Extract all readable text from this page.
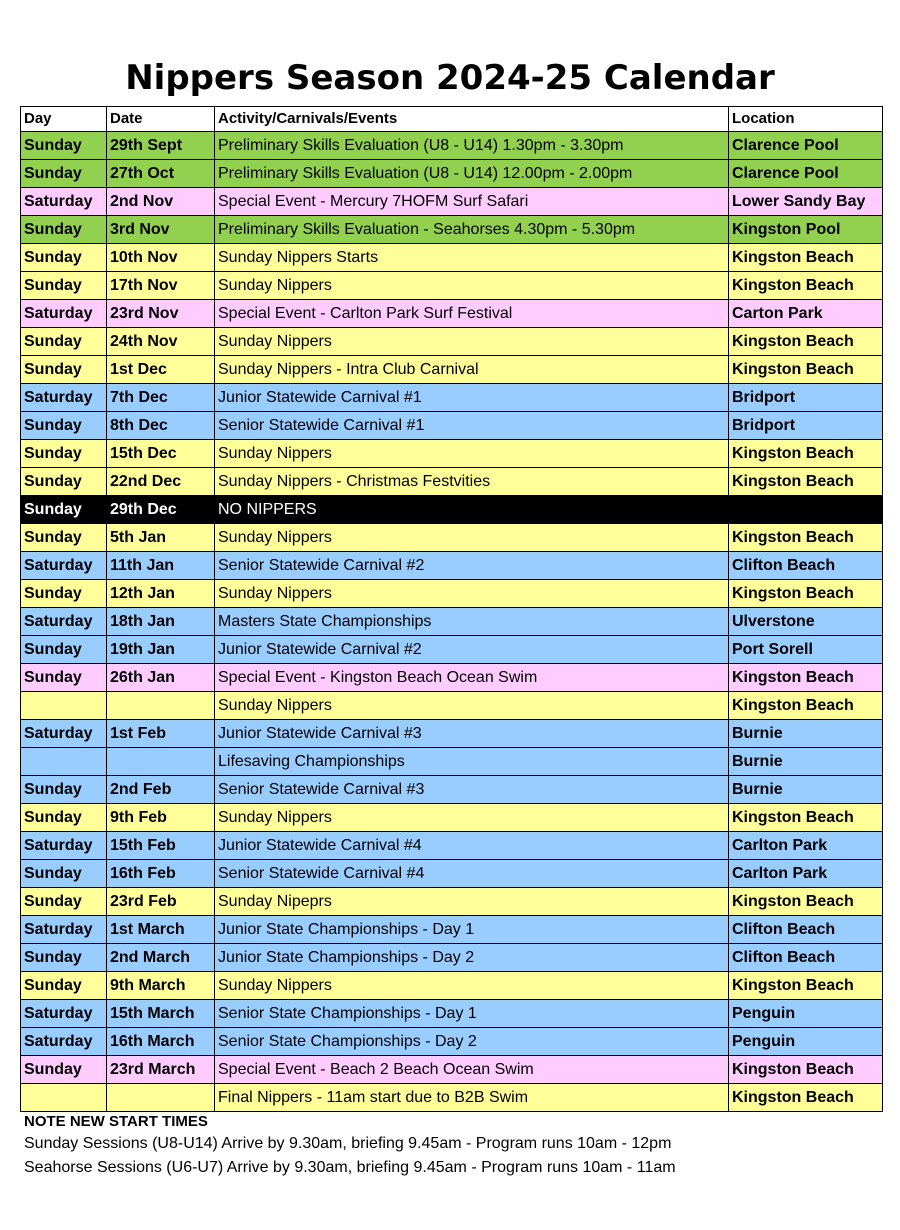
Nippers Season 2024-25 Calendar
Day	Date	Activity/Carnivals/Events	Location
Sunday	29th Sept	Preliminary Skills Evaluation (U8 - U14) 1.30pm - 3.30pm	Clarence Pool
Sunday	27th Oct	Preliminary Skills Evaluation (U8 - U14) 12.00pm - 2.00pm	Clarence Pool
Saturday	2nd Nov	Special Event - Mercury 7HOFM Surf Safari	Lower Sandy Bay
Sunday	3rd Nov	Preliminary Skills Evaluation - Seahorses 4.30pm - 5.30pm	Kingston Pool
Sunday	10th Nov	Sunday Nippers Starts	Kingston Beach
Sunday	17th Nov	Sunday Nippers	Kingston Beach
Saturday	23rd Nov	Special Event - Carlton Park Surf Festival	Carton Park
Sunday	24th Nov	Sunday Nippers	Kingston Beach
Sunday	1st Dec	Sunday Nippers - Intra Club Carnival	Kingston Beach
Saturday	7th Dec	Junior Statewide Carnival #1	Bridport
Sunday	8th Dec	Senior Statewide Carnival #1	Bridport
Sunday	15th Dec	Sunday Nippers	Kingston Beach
Sunday	22nd Dec	Sunday Nippers - Christmas Festvities	Kingston Beach
Sunday	29th Dec	NO NIPPERS	
Sunday	5th Jan	Sunday Nippers	Kingston Beach
Saturday	11th Jan	Senior Statewide Carnival #2	Clifton Beach
Sunday	12th Jan	Sunday Nippers	Kingston Beach
Saturday	18th Jan	Masters State Championships	Ulverstone
Sunday	19th Jan	Junior Statewide Carnival #2	Port Sorell
Sunday	26th Jan	Special Event - Kingston Beach Ocean Swim	Kingston Beach
		Sunday Nippers	Kingston Beach
Saturday	1st Feb	Junior Statewide Carnival #3	Burnie
		Lifesaving Championships	Burnie
Sunday	2nd Feb	Senior Statewide Carnival #3	Burnie
Sunday	9th Feb	Sunday Nippers	Kingston Beach
Saturday	15th Feb	Junior Statewide Carnival #4	Carlton Park
Sunday	16th Feb	Senior Statewide Carnival #4	Carlton Park
Sunday	23rd Feb	Sunday Nipeprs	Kingston Beach
Saturday	1st March	Junior State Championships - Day 1	Clifton Beach
Sunday	2nd March	Junior State Championships - Day 2	Clifton Beach
Sunday	9th March	Sunday Nippers	Kingston Beach
Saturday	15th March	Senior State Championships - Day 1	Penguin
Saturday	16th March	Senior State Championships - Day 2	Penguin
Sunday	23rd March	Special Event - Beach 2 Beach Ocean Swim	Kingston Beach
		Final Nippers - 11am start due to B2B Swim	Kingston Beach
NOTE NEW START TIMES
Sunday Sessions (U8-U14) Arrive by 9.30am, briefing 9.45am - Program runs 10am - 12pm
Seahorse Sessions (U6-U7) Arrive by 9.30am, briefing 9.45am - Program runs 10am - 11am
